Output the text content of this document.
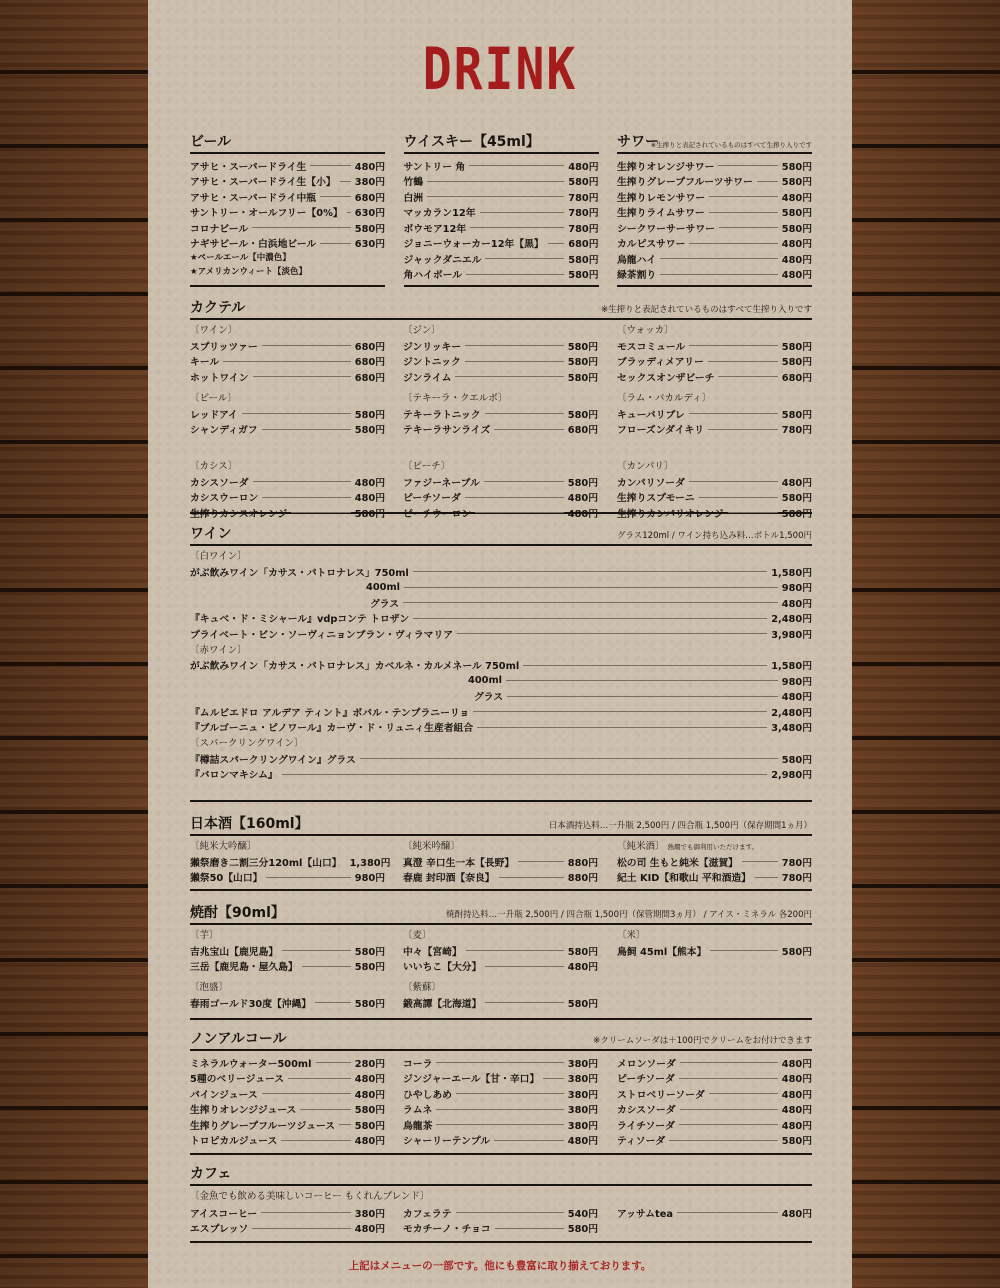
DRINK
ビール
アサヒ・スーパードライ生	480円
アサヒ・スーパードライ生【小】 380円
アサヒ・スーパードライ中瓶	680円
サントリー・オールフリー【0%】 630円
コロナビール	580円
ナギサビール・白浜地ビール	630円
★ペールエール【中濃色】
★アメリカンウィート【淡色】
ウイスキー【45ml】
サントリー 角	480円
竹鶴	580円
白洲	780円
マッカラン12年	780円
ボウモア12年	780円
ジョニーウォーカー12年【黒】	680円
ジャックダニエル	580円
角ハイボール	580円
サワー
※生搾りと表記されているものはすべて生搾り入りです
生搾りオレンジサワー	580円
生搾りグレープフルーツサワー	580円
生搾りレモンサワー	480円
生搾りライムサワー	580円
シークワーサーサワー	580円
カルピスサワー	480円
烏龍ハイ	480円
緑茶割り	480円
カクテル	※生搾りと表記されているものはすべて生搾り入りです
〔ワイン〕
スプリッツァー	680円
キール	680円
ホットワイン	680円
〔ジン〕
ジンリッキー	580円
ジントニック	580円
ジンライム	580円
〔ウォッカ〕
モスコミュール	580円
ブラッディメアリー	580円
セックスオンザビーチ	680円
〔ビール〕
レッドアイ	580円
シャンディガフ	580円
〔テキーラ・クエルボ〕
テキーラトニック	580円
テキーラサンライズ	680円
〔ラム・バカルディ〕
キューバリブレ	580円
フローズンダイキリ	780円
〔カシス〕
カシスソーダ	480円
カシスウーロン	480円
生搾りカシスオレンジ	580円
〔ピーチ〕
ファジーネーブル	580円
ピーチソーダ	480円
ピーチウーロン	480円
〔カンパリ〕
カンパリソーダ	480円
生搾りスプモーニ	580円
生搾りカンパリオレンジ	580円
ワイン	グラス120ml / ワイン持ち込み料…ボトル1,500円
〔白ワイン〕
がぶ飲みワイン「カサス・パトロナレス」750ml	1,580円
400ml	980円
グラス	480円
『キュベ・ド・ミシャール』vdpコンテ トロザン	2,480円
プライベート・ビン・ソーヴィニョンブラン・ヴィラマリア	3,980円
〔赤ワイン〕
がぶ飲みワイン「カサス・パトロナレス」カベルネ・カルメネール 750ml	1,580円
400ml	980円
グラス	480円
『ムルビエドロ アルデア ティント』ボバル・テンプラニーリョ	2,480円
『ブルゴーニュ・ピノワール』カーヴ・ド・リュニィ生産者組合	3,480円
〔スパークリングワイン〕
『樽詰スパークリングワイン』グラス	580円
『バロンマキシム』	2,980円
日本酒【160ml】	日本酒持込料…一升瓶 2,500円 / 四合瓶 1,500円（保存期間1ヵ月）
〔純米大吟醸〕
獺祭磨き二割三分120ml【山口】 1,380円
獺祭50【山口】	980円
〔純米吟醸〕
真澄 辛口生一本【長野】	880円
春鹿 封印酒【奈良】	880円
〔純米酒〕 熱燗でも御利用いただけます。
松の司 生もと純米【滋賀】	780円
紀土 KID【和歌山 平和酒造】	780円
焼酎【90ml】	焼酎持込料…一升瓶 2,500円 / 四合瓶 1,500円（保管期間3ヵ月） / アイス・ミネラル 各200円
〔芋〕
吉兆宝山【鹿児島】	580円
三岳【鹿児島・屋久島】	580円
〔麦〕
中々【宮崎】	580円
いいちこ【大分】	480円
〔米〕
鳥飼 45ml【熊本】	580円
〔泡盛〕
春雨ゴールド30度【沖縄】	580円
〔紫蘇〕
鍛高譚【北海道】	580円
ノンアルコール	※クリームソーダは＋100円でクリームをお付けできます
ミネラルウォーター500ml	280円
5種のベリージュース	480円
パインジュース	480円
生搾りオレンジジュース	580円
生搾りグレープフルーツジュース 580円
トロピカルジュース	480円
コーラ	380円
ジンジャーエール【甘・辛口】	380円
ひやしあめ	380円
ラムネ	380円
烏龍茶	380円
シャーリーテンプル	480円
メロンソーダ	480円
ピーチソーダ	480円
ストロベリーソーダ	480円
カシスソーダ	480円
ライチソーダ	480円
ティソーダ	580円
カフェ
〔金魚でも飲める美味しいコーヒー もくれんブレンド〕
アイスコーヒー	380円
エスプレッソ	480円
カフェラテ	540円
モカチーノ・チョコ	580円
アッサムtea	480円
上記はメニューの一部です。他にも豊富に取り揃えております。
